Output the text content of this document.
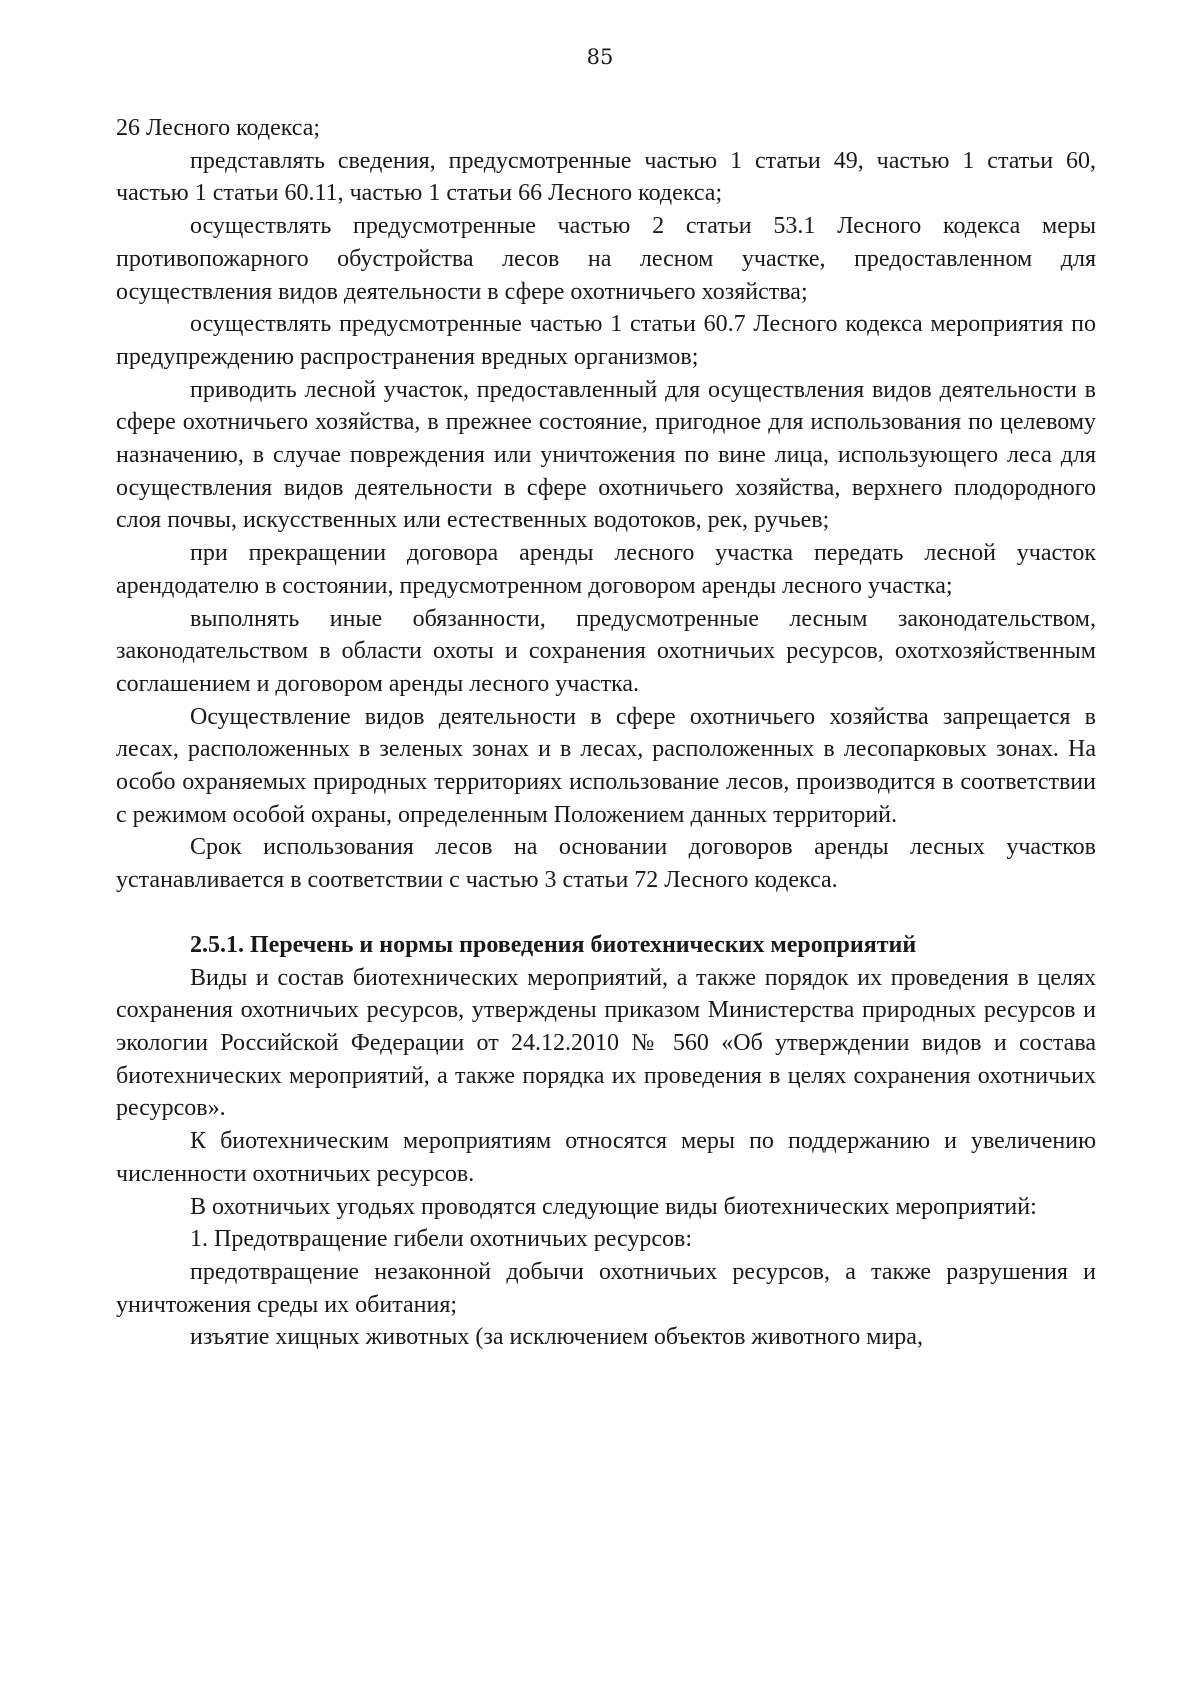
85

26 Лесного кодекса;

представлять сведения, предусмотренные частью 1 статьи 49, частью 1 статьи 60, частью 1 статьи 60.11, частью 1 статьи 66 Лесного кодекса;

осуществлять предусмотренные частью 2 статьи 53.1 Лесного кодекса меры противопожарного обустройства лесов на лесном участке, предоставленном для осуществления видов деятельности в сфере охотничьего хозяйства;

осуществлять предусмотренные частью 1 статьи 60.7 Лесного кодекса мероприятия по предупреждению распространения вредных организмов;

приводить лесной участок, предоставленный для осуществления видов деятельности в сфере охотничьего хозяйства, в прежнее состояние, пригодное для использования по целевому назначению, в случае повреждения или уничтожения по вине лица, использующего леса для осуществления видов деятельности в сфере охотничьего хозяйства, верхнего плодородного слоя почвы, искусственных или естественных водотоков, рек, ручьев;

при прекращении договора аренды лесного участка передать лесной участок арендодателю в состоянии, предусмотренном договором аренды лесного участка;

выполнять иные обязанности, предусмотренные лесным законодательством, законодательством в области охоты и сохранения охотничьих ресурсов, охотхозяйственным соглашением и договором аренды лесного участка.

Осуществление видов деятельности в сфере охотничьего хозяйства запрещается в лесах, расположенных в зеленых зонах и в лесах, расположенных в лесопарковых зонах. На особо охраняемых природных территориях использование лесов, производится в соответствии с режимом особой охраны, определенным Положением данных территорий.

Срок использования лесов на основании договоров аренды лесных участков устанавливается в соответствии с частью 3 статьи 72 Лесного кодекса.

2.5.1. Перечень и нормы проведения биотехнических мероприятий

Виды и состав биотехнических мероприятий, а также порядок их проведения в целях сохранения охотничьих ресурсов, утверждены приказом Министерства природных ресурсов и экологии Российской Федерации от 24.12.2010 № 560 «Об утверждении видов и состава биотехнических мероприятий, а также порядка их проведения в целях сохранения охотничьих ресурсов».

К биотехническим мероприятиям относятся меры по поддержанию и увеличению численности охотничьих ресурсов.

В охотничьих угодьях проводятся следующие виды биотехнических мероприятий:

1. Предотвращение гибели охотничьих ресурсов:

предотвращение незаконной добычи охотничьих ресурсов, а также разрушения и уничтожения среды их обитания;

изъятие хищных животных (за исключением объектов животного мира,
